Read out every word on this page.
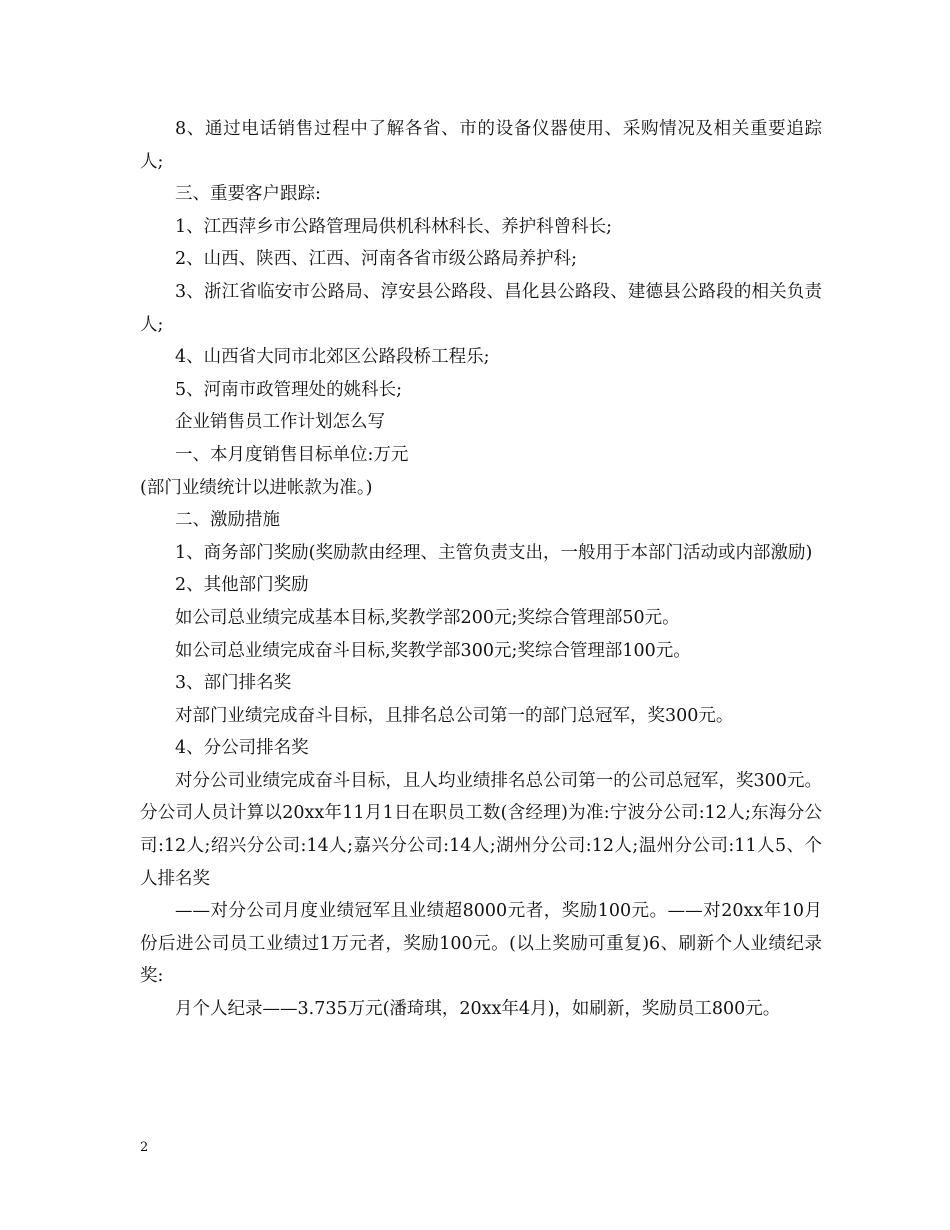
8、通过电话销售过程中了解各省、市的设备仪器使用、采购情况及相关重要追踪人;

三、重要客户跟踪:

1、江西萍乡市公路管理局供机科林科长、养护科曾科长;

2、山西、陕西、江西、河南各省市级公路局养护科;

3、浙江省临安市公路局、淳安县公路段、昌化县公路段、建德县公路段的相关负责人;

4、山西省大同市北郊区公路段桥工程乐;

5、河南市政管理处的姚科长;

企业销售员工作计划怎么写

一、本月度销售目标单位:万元

(部门业绩统计以进帐款为准。)

二、激励措施

1、商务部门奖励(奖励款由经理、主管负责支出，一般用于本部门活动或内部激励)

2、其他部门奖励

如公司总业绩完成基本目标,奖教学部200元;奖综合管理部50元。

如公司总业绩完成奋斗目标,奖教学部300元;奖综合管理部100元。

3、部门排名奖

对部门业绩完成奋斗目标，且排名总公司第一的部门总冠军，奖300元。

4、分公司排名奖

对分公司业绩完成奋斗目标，且人均业绩排名总公司第一的公司总冠军，奖300元。分公司人员计算以20xx年11月1日在职员工数(含经理)为准:宁波分公司:12人;东海分公司:12人;绍兴分公司:14人;嘉兴分公司:14人;湖州分公司:12人;温州分公司:11人5、个人排名奖

——对分公司月度业绩冠军且业绩超8000元者，奖励100元。——对20xx年10月份后进公司员工业绩过1万元者，奖励100元。(以上奖励可重复)6、刷新个人业绩纪录奖:

月个人纪录——3.735万元(潘琦琪，20xx年4月)，如刷新，奖励员工800元。

2
